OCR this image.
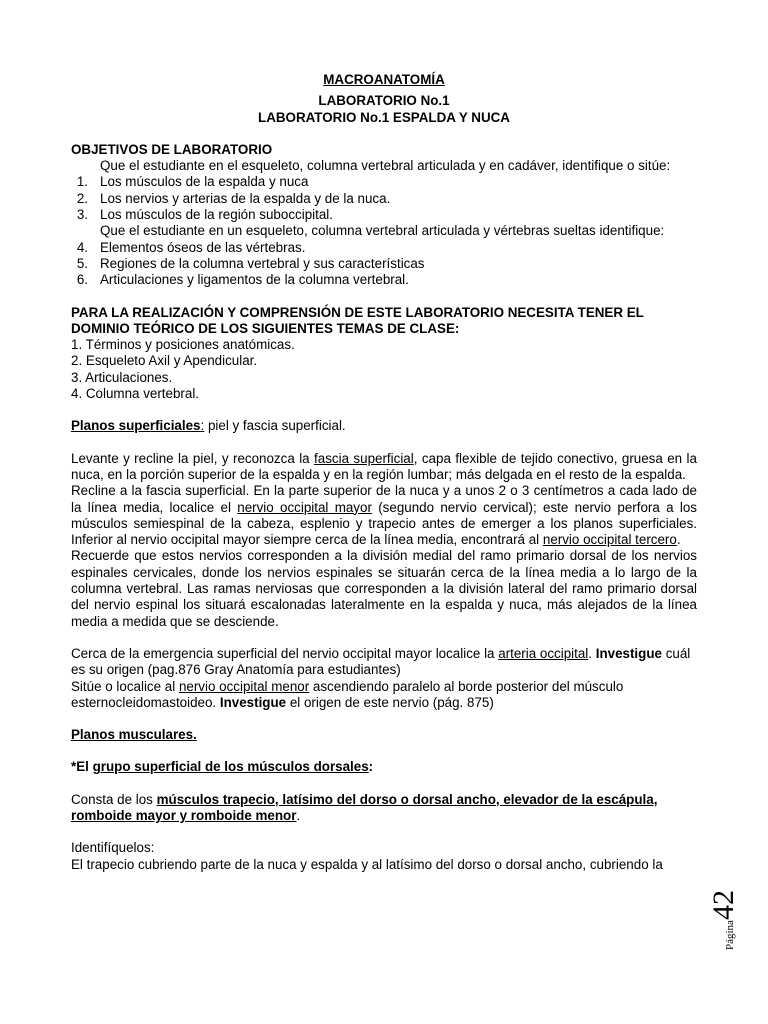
MACROANATOMÍA

LABORATORIO No.1

LABORATORIO No.1 ESPALDA Y NUCA

OBJETIVOS DE LABORATORIO

Que el estudiante en el esqueleto, columna vertebral articulada y en cadáver, identifique o sitúe:

1. Los músculos de la espalda y nuca
2. Los nervios y arterias de la espalda y de la nuca.
3. Los músculos de la región suboccipital.

Que el estudiante en un esqueleto, columna vertebral articulada y vértebras sueltas identifique:

4. Elementos óseos de las vértebras.
5. Regiones de la columna vertebral y sus características
6. Articulaciones y ligamentos de la columna vertebral.

PARA LA REALIZACIÓN Y COMPRENSIÓN DE ESTE LABORATORIO NECESITA TENER EL DOMINIO TEÓRICO DE LOS SIGUIENTES TEMAS DE CLASE:

1. Términos y posiciones anatómicas.

2. Esqueleto Axil y Apendicular.

3. Articulaciones.

4. Columna vertebral.

Planos superficiales: piel y fascia superficial.

Levante y recline la piel, y reconozca la fascia superficial, capa flexible de tejido conectivo, gruesa en la nuca, en la porción superior de la espalda y en la región lumbar; más delgada en el resto de la espalda.

Recline a la fascia superficial. En la parte superior de la nuca y a unos 2 o 3 centímetros a cada lado de la línea media, localice el nervio occipital mayor (segundo nervio cervical); este nervio perfora a los músculos semiespinal de la cabeza, esplenio y trapecio antes de emerger a los planos superficiales. Inferior al nervio occipital mayor siempre cerca de la línea media, encontrará al nervio occipital tercero.

Recuerde que estos nervios corresponden a la división medial del ramo primario dorsal de los nervios espinales cervicales, donde los nervios espinales se situarán cerca de la línea media a lo largo de la columna vertebral. Las ramas nerviosas que corresponden a la división lateral del ramo primario dorsal del nervio espinal los situará escalonadas lateralmente en la espalda y nuca, más alejados de la línea media a medida que se desciende.

Cerca de la emergencia superficial del nervio occipital mayor localice la arteria occipital. Investigue cuál es su origen (pag.876 Gray Anatomía para estudiantes)

Sitúe o localice al nervio occipital menor ascendiendo paralelo al borde posterior del músculo esternocleidomastoideo. Investigue el origen de este nervio (pág. 875)

Planos musculares.

*El grupo superficial de los músculos dorsales:

Consta de los músculos trapecio, latísimo del dorso o dorsal ancho, elevador de la escápula, romboide mayor y romboide menor.

Identifíquelos:

El trapecio cubriendo parte de la nuca y espalda y al latísimo del dorso o dorsal ancho, cubriendo la

Página42
